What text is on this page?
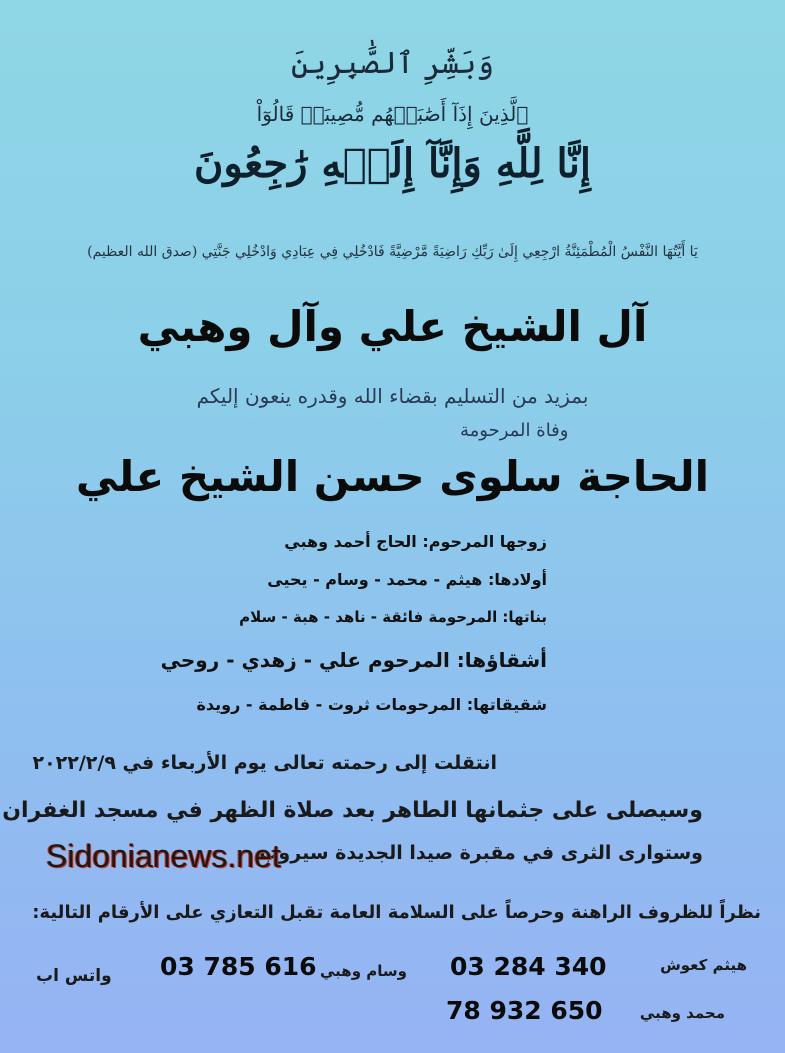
وَبَشِّرِ ٱلصَّٰبِرِينَ
ٱلَّذِينَ إِذَآ أَصَٰبَتۡهُم مُّصِيبَةٞ قَالُوٓاْ
إِنَّا لِلَّهِ وَإِنَّآ إِلَيۡهِ رَٰجِعُونَ
يَا أَيَّتُهَا النَّفْسُ الْمُطْمَئِنَّةُ ارْجِعِي إِلَىٰ رَبِّكِ رَاضِيَةً مَّرْضِيَّةً فَادْخُلِي فِي عِبَادِي وَادْخُلِي جَنَّتِي (صدق الله العظيم)
آل الشيخ علي وآل وهبي
بمزيد من التسليم بقضاء الله وقدره ينعون إليكم
وفاة المرحومة
الحاجة سلوى حسن الشيخ علي
زوجها المرحوم: الحاج أحمد وهبي
أولادها: هيثم - محمد - وسام - يحيى
بناتها: المرحومة فائقة - ناهد - هبة - سلام
أشقاؤها: المرحوم علي - زهدي - روحي
شقيقاتها: المرحومات ثروت - فاطمة - رويدة
انتقلت إلى رحمته تعالى يوم الأربعاء في ٢٠٢٢/٢/٩
وسيصلى على جثمانها الطاهر بعد صلاة الظهر في مسجد الغفران
وستوارى الثرى في مقبرة صيدا الجديدة سيروب
Sidonianews.net
نظراً للظروف الراهنة وحرصاً على السلامة العامة تقبل التعازي على الأرقام التالية:
هيثم كعوش
03 284 340
وسام وهبي
03 785 616
واتس اب
محمد وهبي
78 932 650
